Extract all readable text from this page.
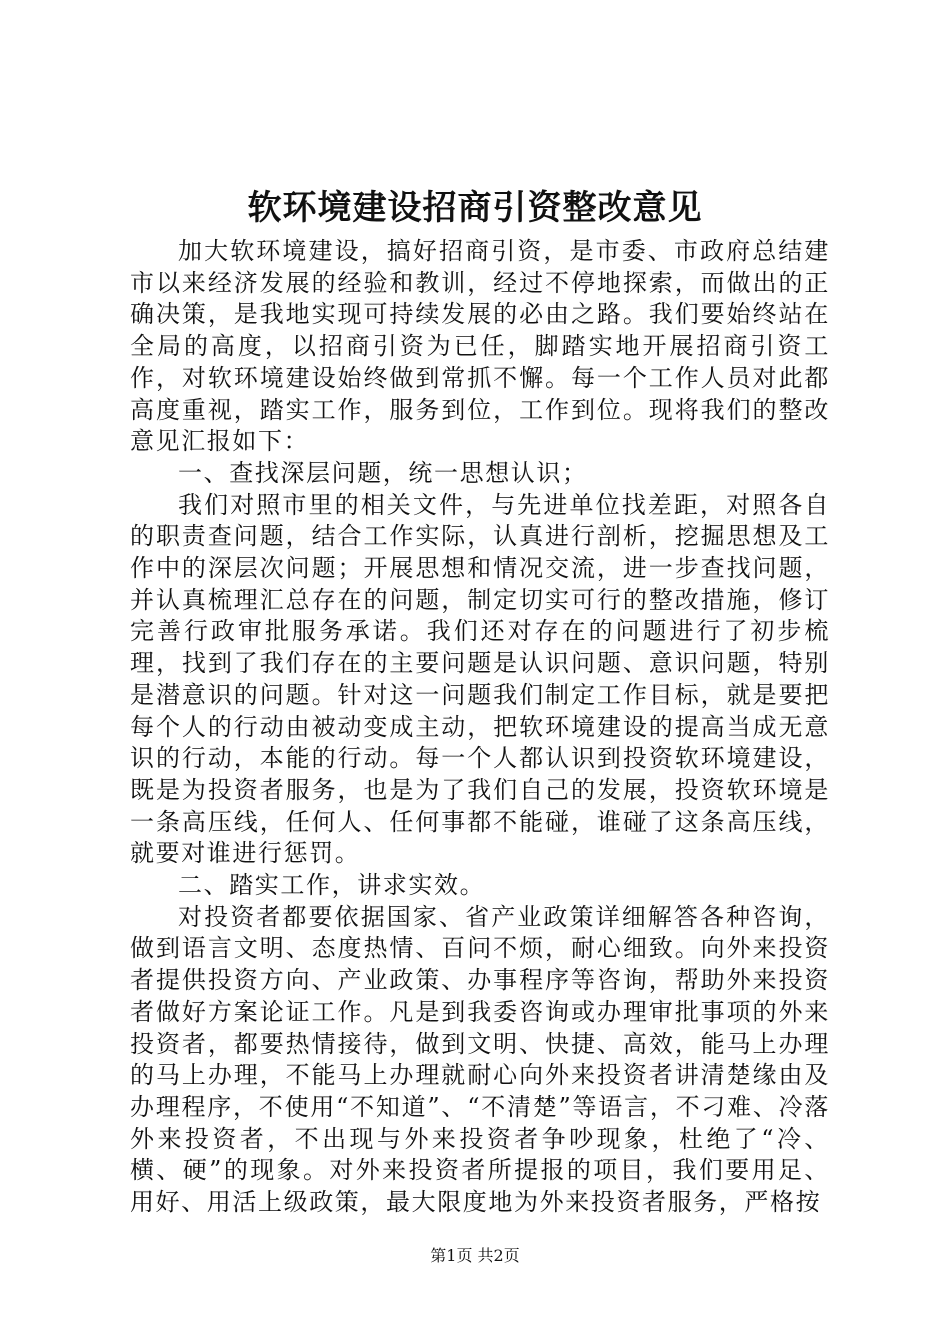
软环境建设招商引资整改意见

加大软环境建设，搞好招商引资，是市委、市政府总结建市以来经济发展的经验和教训，经过不停地探索，而做出的正确决策，是我地实现可持续发展的必由之路。我们要始终站在全局的高度，以招商引资为已任，脚踏实地开展招商引资工作，对软环境建设始终做到常抓不懈。每一个工作人员对此都高度重视，踏实工作，服务到位，工作到位。现将我们的整改意见汇报如下：

一、查找深层问题，统一思想认识；

我们对照市里的相关文件，与先进单位找差距，对照各自的职责查问题，结合工作实际，认真进行剖析，挖掘思想及工作中的深层次问题；开展思想和情况交流，进一步查找问题，并认真梳理汇总存在的问题，制定切实可行的整改措施，修订完善行政审批服务承诺。我们还对存在的问题进行了初步梳理，找到了我们存在的主要问题是认识问题、意识问题，特别是潜意识的问题。针对这一问题我们制定工作目标，就是要把每个人的行动由被动变成主动，把软环境建设的提高当成无意识的行动，本能的行动。每一个人都认识到投资软环境建设，既是为投资者服务，也是为了我们自己的发展，投资软环境是一条高压线，任何人、任何事都不能碰，谁碰了这条高压线，就要对谁进行惩罚。

二、踏实工作，讲求实效。

对投资者都要依据国家、省产业政策详细解答各种咨询，做到语言文明、态度热情、百问不烦，耐心细致。向外来投资者提供投资方向、产业政策、办事程序等咨询，帮助外来投资者做好方案论证工作。凡是到我委咨询或办理审批事项的外来投资者，都要热情接待，做到文明、快捷、高效，能马上办理的马上办理，不能马上办理就耐心向外来投资者讲清楚缘由及办理程序，不使用“不知道”、“不清楚”等语言，不刁难、冷落外来投资者，不出现与外来投资者争吵现象，杜绝了“冷、横、硬”的现象。对外来投资者所提报的项目，我们要用足、用好、用活上级政策，最大限度地为外来投资者服务，严格按

第1页 共2页
